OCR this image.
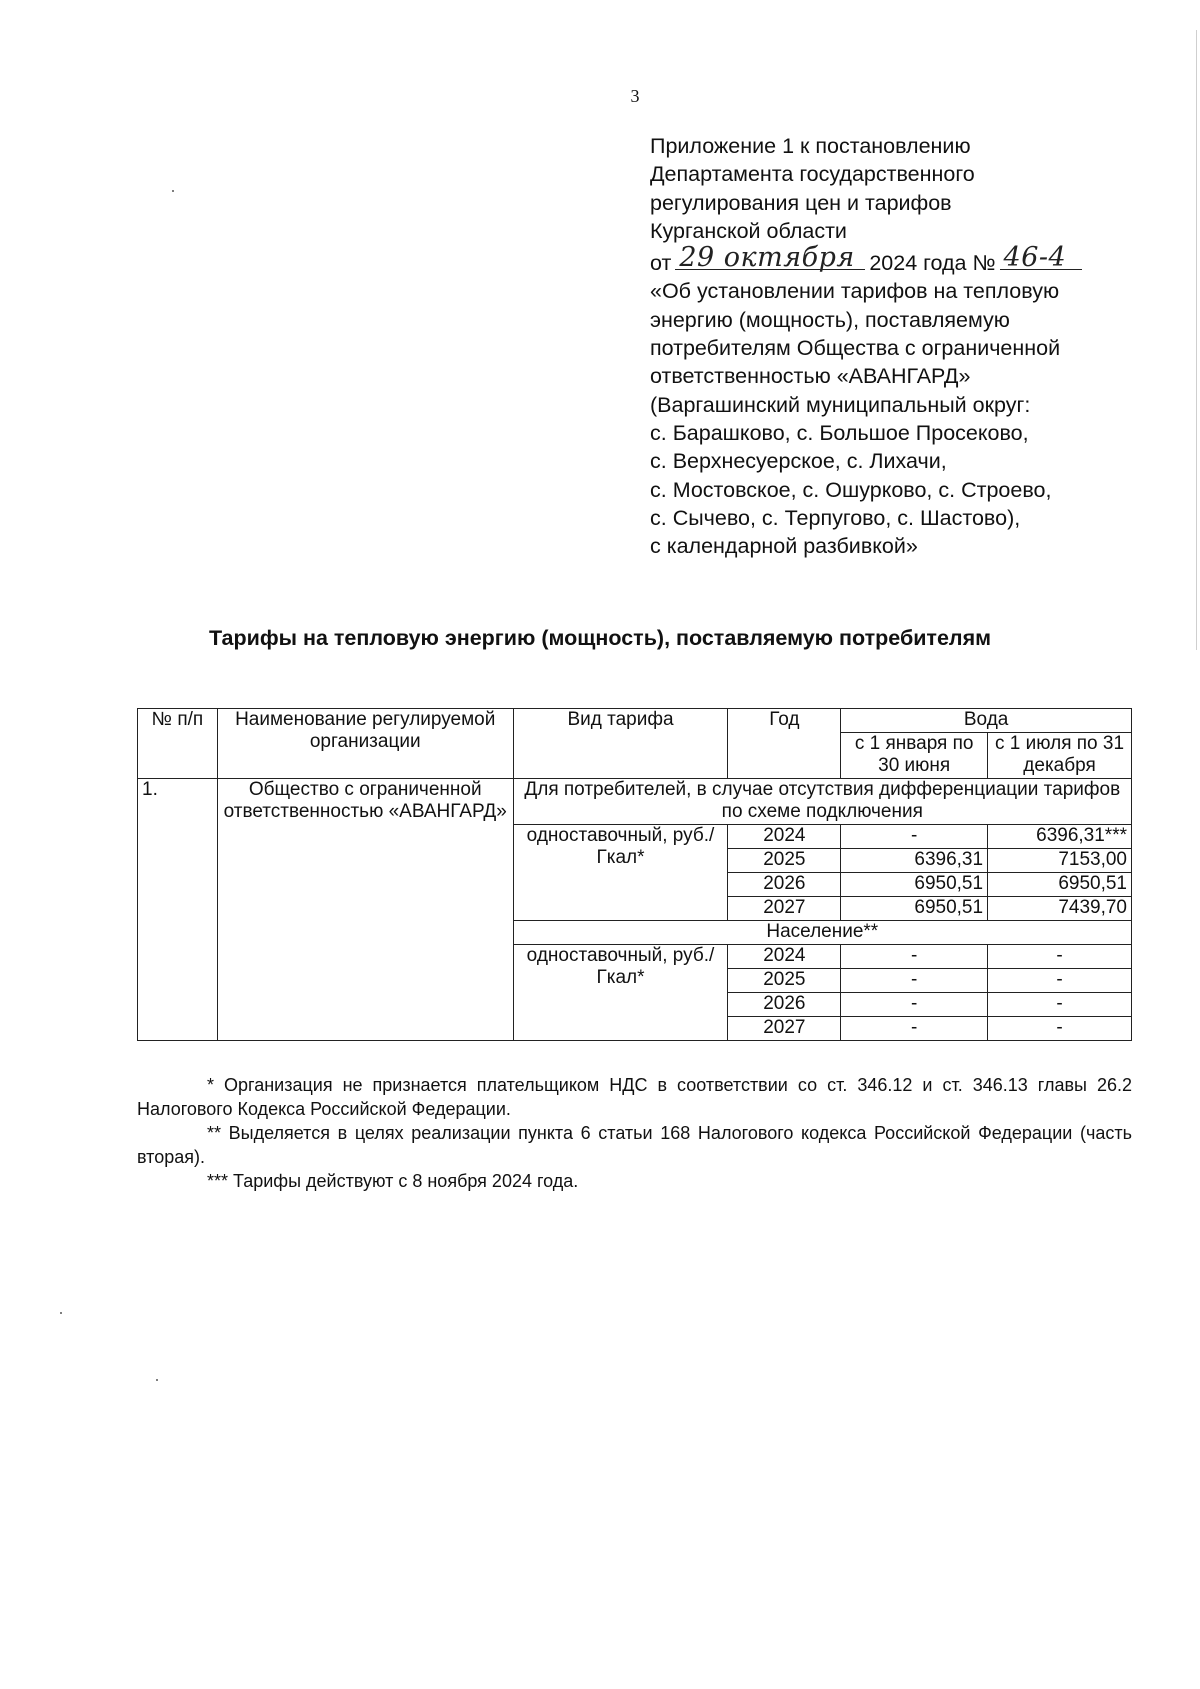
3
Приложение 1 к постановлению
Департамента государственного
регулирования цен и тарифов
Курганской области
от 29 октября 2024 года № 46-4
«Об установлении тарифов на тепловую
энергию (мощность), поставляемую
потребителям Общества с ограниченной
ответственностью «АВАНГАРД»
(Варгашинский муниципальный округ:
с. Барашково, с. Большое Просеково,
с. Верхнесуерское, с. Лихачи,
с. Мостовское, с. Ошурково, с. Строево,
с. Сычево, с. Терпугово, с. Шастово),
с календарной разбивкой»
Тарифы на тепловую энергию (мощность), поставляемую потребителям
№ п/п	Наименование регулируемой организации	Вид тарифа	Год	Вода	
				с 1 января по 30 июня	с 1 июля по 31 декабря
1.	Общество с ограниченной ответственностью «АВАНГАРД»	Для потребителей, в случае отсутствия дифференциации тарифов по схеме подключения			
		одноставочный, руб./Гкал*	2024	-	6396,31***
			2025	6396,31	7153,00
			2026	6950,51	6950,51
			2027	6950,51	7439,70
		Население**			
		одноставочный, руб./Гкал*	2024	-	-
			2025	-	-
			2026	-	-
			2027	-	-

* Организация не признается плательщиком НДС в соответствии со ст. 346.12 и ст. 346.13 главы 26.2 Налогового Кодекса Российской Федерации.

** Выделяется в целях реализации пункта 6 статьи 168 Налогового кодекса Российской Федерации (часть вторая).

*** Тарифы действуют с 8 ноября 2024 года.
